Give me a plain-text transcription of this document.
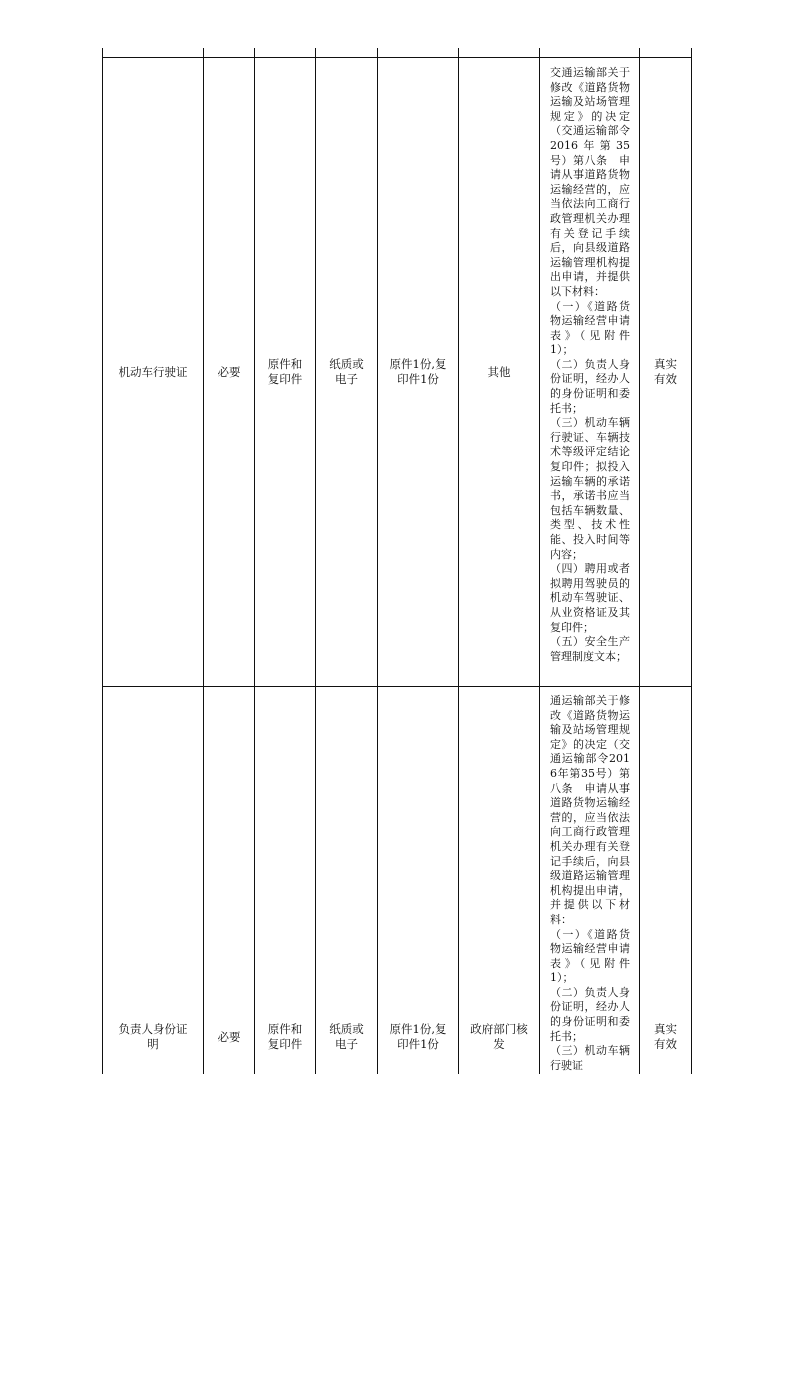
机动车行驶证	必要
原件和复印件
纸质或电子
原件1份,复印件1份
其他

交通运输部关于修改《道路货物运输及站场管理规定》的决定（交通运输部令2016年第35号）第八条　申请从事道路货物运输经营的，应当依法向工商行政管理机关办理有关登记手续后，向县级道路运输管理机构提出申请，并提供以下材料：

（一）《道路货物运输经营申请表》（见附件1）；

（二）负责人身份证明，经办人的身份证明和委托书；

（三）机动车辆行驶证、车辆技术等级评定结论复印件；拟投入运输车辆的承诺书，承诺书应当包括车辆数量、类型、技术性能、投入时间等内容；

（四）聘用或者拟聘用驾驶员的机动车驾驶证、从业资格证及其复印件；

（五）安全生产管理制度文本；

真实有效
负责人身份证明
必要
原件和复印件
纸质或电子
原件1份,复印件1份
政府部门核发

通运输部关于修改《道路货物运输及站场管理规定》的决定（交通运输部令2016年第35号）第八条　申请从事道路货物运输经营的，应当依法向工商行政管理机关办理有关登记手续后，向县级道路运输管理机构提出申请，并提供以下材料：

（一）《道路货物运输经营申请表》（见附件1）；

（二）负责人身份证明，经办人的身份证明和委托书；

（三）机动车辆行驶证

真实有效
